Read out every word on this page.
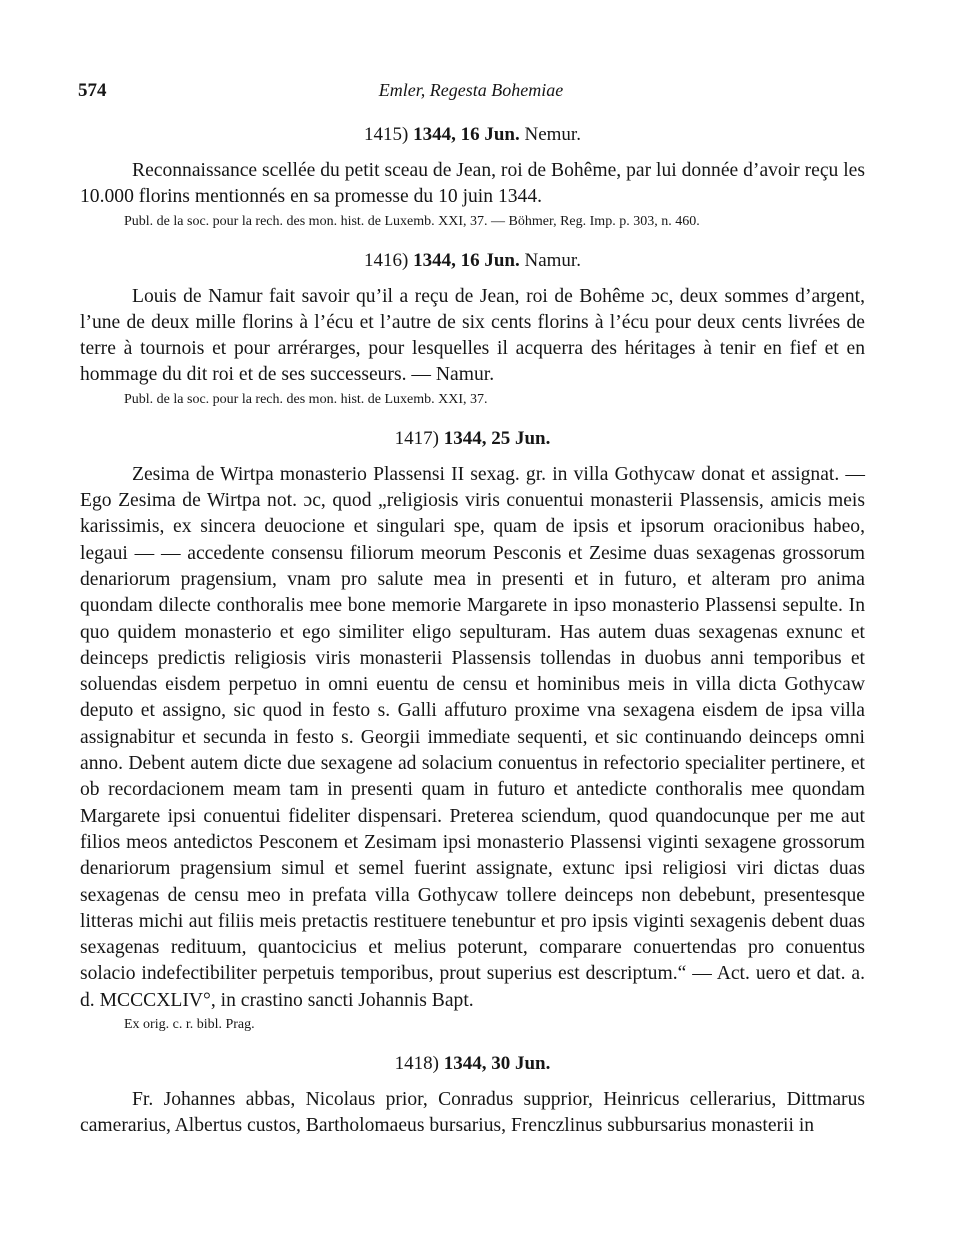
574	Emler, Regesta Bohemiae
1415) 1344, 16 Jun. Nemur.

Reconnaissance scellée du petit sceau de Jean, roi de Bohême, par lui donnée d’avoir reçu les 10.000 florins mentionnés en sa promesse du 10 juin 1344.

Publ. de la soc. pour la rech. des mon. hist. de Luxemb. XXI, 37. — Böhmer, Reg. Imp. p. 303, n. 460.
1416) 1344, 16 Jun. Namur.

Louis de Namur fait savoir qu’il a reçu de Jean, roi de Bohême ɔc, deux sommes d’argent, l’une de deux mille florins à l’écu et l’autre de six cents florins à l’écu pour deux cents livrées de terre à tournois et pour arrérarges, pour lesquelles il acquerra des héritages à tenir en fief et en hommage du dit roi et de ses successeurs. — Namur.

Publ. de la soc. pour la rech. des mon. hist. de Luxemb. XXI, 37.
1417) 1344, 25 Jun.

Zesima de Wirtpa monasterio Plassensi II sexag. gr. in villa Gothycaw donat et assignat. — Ego Zesima de Wirtpa not. ɔc, quod „religiosis viris conuentui monasterii Plassensis, amicis meis karissimis, ex sincera deuocione et singulari spe, quam de ipsis et ipsorum oracionibus habeo, legaui — — accedente consensu filiorum meorum Pesconis et Zesime duas sexagenas grossorum denariorum pragensium, vnam pro salute mea in presenti et in futuro, et alteram pro anima quondam dilecte conthoralis mee bone memorie Margarete in ipso monasterio Plassensi sepulte. In quo quidem monasterio et ego similiter eligo sepulturam. Has autem duas sexagenas exnunc et deinceps predictis religiosis viris monasterii Plassensis tollendas in duobus anni temporibus et soluendas eisdem perpetuo in omni euentu de censu et hominibus meis in villa dicta Gothycaw deputo et assigno, sic quod in festo s. Galli affuturo proxime vna sexagena eisdem de ipsa villa assignabitur et secunda in festo s. Georgii immediate sequenti, et sic continuando deinceps omni anno. Debent autem dicte due sexagene ad solacium conuentus in refectorio specialiter pertinere, et ob recordacionem meam tam in presenti quam in futuro et antedicte conthoralis mee quondam Margarete ipsi conuentui fideliter dispensari. Preterea sciendum, quod quandocunque per me aut filios meos antedictos Pesconem et Zesimam ipsi monasterio Plassensi viginti sexagene grossorum denariorum pragensium simul et semel fuerint assignate, extunc ipsi religiosi viri dictas duas sexagenas de censu meo in prefata villa Gothycaw tollere deinceps non debebunt, presentesque litteras michi aut filiis meis pretactis restituere tenebuntur et pro ipsis viginti sexagenis debent duas sexagenas redituum, quantocicius et melius poterunt, comparare conuertendas pro conuentus solacio indefectibiliter perpetuis temporibus, prout superius est descriptum.“ — Act. uero et dat. a. d. MCCCXLIV°, in crastino sancti Johannis Bapt.

Ex orig. c. r. bibl. Prag.
1418) 1344, 30 Jun.

Fr. Johannes abbas, Nicolaus prior, Conradus supprior, Heinricus cellerarius, Dittmarus camerarius, Albertus custos, Bartholomaeus bursarius, Frenczlinus subbursarius monasterii in
